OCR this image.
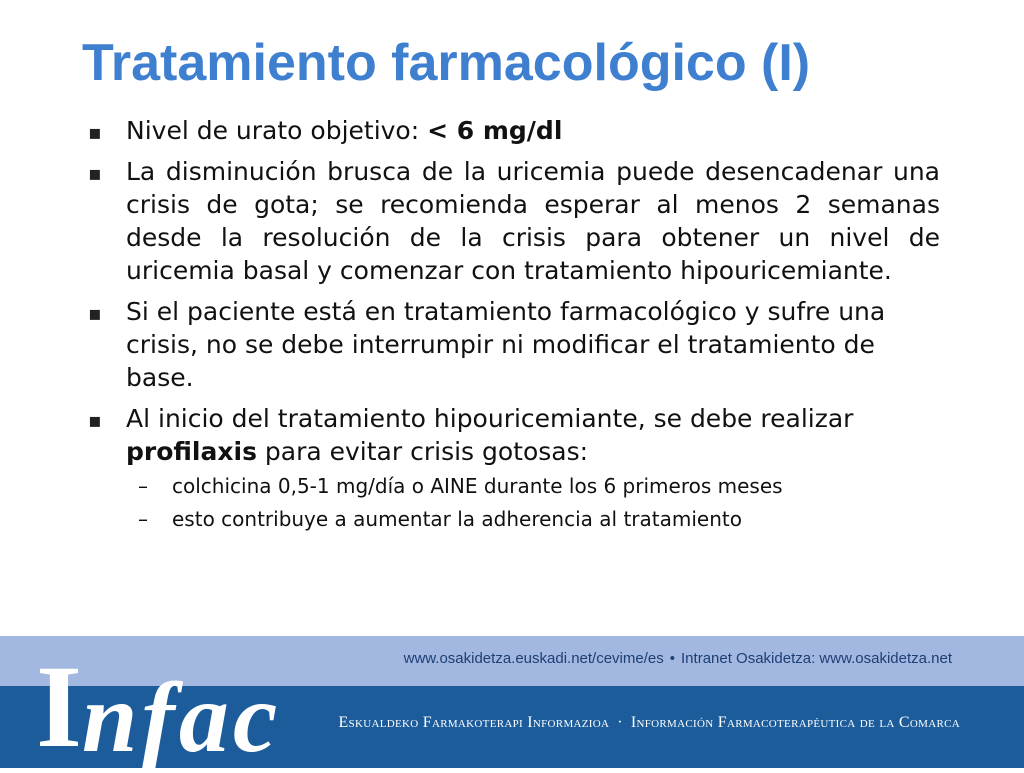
Tratamiento farmacológico (I)
▪ Nivel de urato objetivo: < 6 mg/dl
▪ La disminución brusca de la uricemia puede desencadenar una crisis de gota; se recomienda esperar al menos 2 semanas desde la resolución de la crisis para obtener un nivel de uricemia basal y comenzar con tratamiento hipouricemiante.
▪ Si el paciente está en tratamiento farmacológico y sufre una crisis, no se debe interrumpir ni modificar el tratamiento de base.
▪ Al inicio del tratamiento hipouricemiante, se debe realizar profilaxis para evitar crisis gotosas:
– colchicina 0,5-1 mg/día o AINE durante los 6 primeros meses
– esto contribuye a aumentar la adherencia al tratamiento
www.osakidetza.euskadi.net/cevime/es • Intranet Osakidetza: www.osakidetza.net
Eskualdeko Farmakoterapi Informazioa · Información Farmacoterapéutica de la Comarca
Infac
